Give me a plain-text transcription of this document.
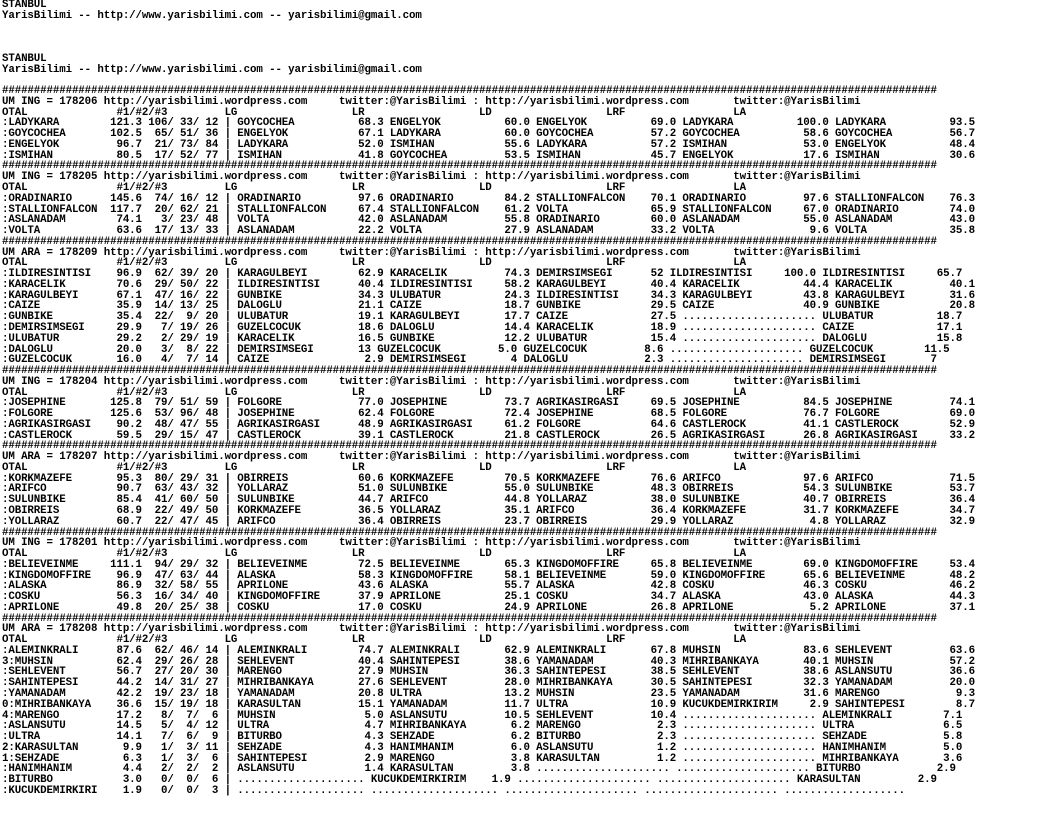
STANBUL
YarisBilimi -- http://www.yarisbilimi.com -- yarisbilimi@gmail.com

STANBUL
YarisBilimi -- http://www.yarisbilimi.com -- yarisbilimi@gmail.com

###################################################################################################################################################
UM ING = 178206 http://yarisbilimi.wordpress.com     twitter:@YarisBilimi : http://yarisbilimi.wordpress.com       twitter:@YarisBilimi
OTAL              #1/#2/#3         LG                  LR                  LD                  LRF                 LA
:LADYKARA        121.3 106/ 33/ 12 | GOYCOCHEA          68.3 ENGELYOK          60.0 ENGELYOK          69.0 LADYKARA          100.0 LADYKARA          93.5
:GOYCOCHEA       102.5  65/ 51/ 36 | ENGELYOK           67.1 LADYKARA          60.0 GOYCOCHEA         57.2 GOYCOCHEA          58.6 GOYCOCHEA         56.7
:ENGELYOK         96.7  21/ 73/ 84 | LADYKARA           52.0 ISMIHAN           55.6 LADYKARA          57.2 ISMIHAN            53.0 ENGELYOK          48.4
:ISMIHAN          80.5  17/ 52/ 77 | ISMIHAN            41.8 GOYCOCHEA         53.5 ISMIHAN           45.7 ENGELYOK           17.6 ISMIHAN           30.6
###################################################################################################################################################
UM ING = 178205 http://yarisbilimi.wordpress.com     twitter:@YarisBilimi : http://yarisbilimi.wordpress.com       twitter:@YarisBilimi
OTAL              #1/#2/#3         LG                  LR                  LD                  LRF                 LA
:ORADINARIO      145.6  74/ 16/ 12 | ORADINARIO         97.6 ORADINARIO        84.2 STALLIONFALCON    70.1 ORADINARIO         97.6 STALLIONFALCON    76.3
:STALLIONFALCON  117.7  20/ 62/ 21 | STALLIONFALCON     67.4 STALLIONFALCON    61.2 VOLTA             65.9 STALLIONFALCON     67.0 ORADINARIO        74.0
:ASLANADAM        74.1   3/ 23/ 48 | VOLTA              42.0 ASLANADAM         55.8 ORADINARIO        60.0 ASLANADAM          55.0 ASLANADAM         43.0
:VOLTA            63.6  17/ 13/ 33 | ASLANADAM          22.2 VOLTA             27.9 ASLANADAM         33.2 VOLTA               9.6 VOLTA             35.8
###################################################################################################################################################
UM ARA = 178209 http://yarisbilimi.wordpress.com     twitter:@YarisBilimi : http://yarisbilimi.wordpress.com       twitter:@YarisBilimi
OTAL              #1/#2/#3         LG                  LR                  LD                  LRF                 LA
:ILDIRESINTISI    96.9  62/ 39/ 20 | KARAGULBEYI        62.9 KARACELIK         74.3 DEMIRSIMSEGI      52 ILDIRESINTISI     100.0 ILDIRESINTISI     65.7
:KARACELIK        70.6  29/ 50/ 22 | ILDIRESINTISI      40.4 ILDIRESINTISI     58.2 KARAGULBEYI       40.4 KARACELIK          44.4 KARACELIK         40.1
:KARAGULBEYI      67.1  47/ 16/ 22 | GUNBIKE            34.3 ULUBATUR          24.3 ILDIRESINTISI     34.3 KARAGULBEYI        43.8 KARAGULBEYI       31.6
:CAIZE            35.9  14/ 13/ 25 | DALOGLU            21.1 CAIZE             18.7 GUNBIKE           29.5 CAIZE              40.9 GUNBIKE           20.8
:GUNBIKE          35.4  22/  9/ 20 | ULUBATUR           19.1 KARAGULBEYI       17.7 CAIZE             27.5 ..................... ULUBATUR          18.7
:DEMIRSIMSEGI     29.9   7/ 19/ 26 | GUZELCOCUK         18.6 DALOGLU           14.4 KARACELIK         18.9 ..................... CAIZE             17.1
:ULUBATUR         29.2   2/ 29/ 19 | KARACELIK          16.5 GUNBIKE           12.2 ULUBATUR          15.4 ..................... DALOGLU           15.8
:DALOGLU          20.0   3/  8/ 22 | DEMIRSIMSEGI       13 GUZELCOCUK         5.0 GUZELCOCUK         8.6 ..................... GUZELCOCUK        11.5
:GUZELCOCUK       16.0   4/  7/ 14 | CAIZE               2.9 DEMIRSIMSEGI       4 DALOGLU            2.3 ..................... DEMIRSIMSEGI       7
###################################################################################################################################################
UM ING = 178204 http://yarisbilimi.wordpress.com     twitter:@YarisBilimi : http://yarisbilimi.wordpress.com       twitter:@YarisBilimi
OTAL              #1/#2/#3         LG                  LR                  LD                  LRF                 LA
:JOSEPHINE       125.8  79/ 51/ 59 | FOLGORE            77.0 JOSEPHINE         73.7 AGRIKASIRGASI     69.5 JOSEPHINE          84.5 JOSEPHINE         74.1
:FOLGORE         125.6  53/ 96/ 48 | JOSEPHINE          62.4 FOLGORE           72.4 JOSEPHINE         68.5 FOLGORE            76.7 FOLGORE           69.0
:AGRIKASIRGASI    90.2  48/ 47/ 55 | AGRIKASIRGASI      48.9 AGRIKASIRGASI     61.2 FOLGORE           64.6 CASTLEROCK         41.1 CASTLEROCK        52.9
:CASTLEROCK       59.5  29/ 15/ 47 | CASTLEROCK         39.1 CASTLEROCK        21.8 CASTLEROCK        26.5 AGRIKASIRGASI      26.8 AGRIKASIRGASI     33.2
###################################################################################################################################################
UM ARA = 178207 http://yarisbilimi.wordpress.com     twitter:@YarisBilimi : http://yarisbilimi.wordpress.com       twitter:@YarisBilimi
OTAL              #1/#2/#3         LG                  LR                  LD                  LRF                 LA
:KORKMAZEFE       95.3  80/ 29/ 31 | OBIRREIS           60.6 KORKMAZEFE        70.5 KORKMAZEFE        76.6 ARIFCO             97.6 ARIFCO            71.5
:ARIFCO           90.7  63/ 43/ 32 | YOLLARAZ           51.0 SULUNBIKE         55.0 SULUNBIKE         48.3 OBIRREIS           54.3 SULUNBIKE         53.7
:SULUNBIKE        85.4  41/ 60/ 50 | SULUNBIKE          44.7 ARIFCO            44.8 YOLLARAZ          38.0 SULUNBIKE          40.7 OBIRREIS          36.4
:OBIRREIS         68.9  22/ 49/ 50 | KORKMAZEFE         36.5 YOLLARAZ          35.1 ARIFCO            36.4 KORKMAZEFE         31.7 KORKMAZEFE        34.7
:YOLLARAZ         60.7  22/ 47/ 45 | ARIFCO             36.4 OBIRREIS          23.7 OBIRREIS          29.9 YOLLARAZ            4.8 YOLLARAZ          32.9
###################################################################################################################################################
UM ING = 178201 http://yarisbilimi.wordpress.com     twitter:@YarisBilimi : http://yarisbilimi.wordpress.com       twitter:@YarisBilimi
OTAL              #1/#2/#3         LG                  LR                  LD                  LRF                 LA
:BELIEVEINME     111.1  94/ 29/ 32 | BELIEVEINME        72.5 BELIEVEINME       65.3 KINGDOMOFFIRE     65.8 BELIEVEINME        69.0 KINGDOMOFFIRE     53.4
:KINGDOMOFFIRE    96.9  47/ 63/ 44 | ALASKA             58.3 KINGDOMOFFIRE     58.1 BELIEVEINME       59.0 KINGDOMOFFIRE      65.6 BELIEVEINME       48.2
:ALASKA           86.9  32/ 58/ 55 | APRILONE           43.6 ALASKA            55.7 ALASKA            42.8 COSKU              46.3 COSKU             46.2
:COSKU            56.3  16/ 34/ 40 | KINGDOMOFFIRE      37.9 APRILONE          25.1 COSKU             34.7 ALASKA             43.0 ALASKA            44.3
:APRILONE         49.8  20/ 25/ 38 | COSKU              17.0 COSKU             24.9 APRILONE          26.8 APRILONE            5.2 APRILONE          37.1
###################################################################################################################################################
UM ARA = 178208 http://yarisbilimi.wordpress.com     twitter:@YarisBilimi : http://yarisbilimi.wordpress.com       twitter:@YarisBilimi
OTAL              #1/#2/#3         LG                  LR                  LD                  LRF                 LA
:ALEMINKRALI      87.6  62/ 46/ 14 | ALEMINKRALI        74.7 ALEMINKRALI       62.9 ALEMINKRALI       67.8 MUHSIN             83.6 SEHLEVENT         63.6
3:MUHSIN          62.4  29/ 26/ 28 | SEHLEVENT          40.4 SAHINTEPESI       38.6 YAMANADAM         40.3 MIHRIBANKAYA       40.1 MUHSIN            57.2
:SEHLEVENT        56.7  27/ 20/ 30 | MARENGO            27.9 MUHSIN            36.3 SAHINTEPESI       38.5 SEHLEVENT          38.6 ASLANSUTU         36.6
:SAHINTEPESI      44.2  14/ 31/ 27 | MIHRIBANKAYA       27.6 SEHLEVENT         28.0 MIHRIBANKAYA      30.5 SAHINTEPESI        32.3 YAMANADAM         20.0
:YAMANADAM        42.2  19/ 23/ 18 | YAMANADAM          20.8 ULTRA             13.2 MUHSIN            23.5 YAMANADAM          31.6 MARENGO            9.3
0:MIHRIBANKAYA    36.6  15/ 19/ 18 | KARASULTAN         15.1 YAMANADAM         11.7 ULTRA             10.9 KUCUKDEMIRKIRIM     2.9 SAHINTEPESI        8.7
4:MARENGO         17.2   8/  7/  6 | MUHSIN              5.0 ASLANSUTU         10.5 SEHLEVENT         10.4 ..................... ALEMINKRALI        7.1
:ASLANSUTU        14.5   5/  4/ 12 | ULTRA               4.7 MIHRIBANKAYA       6.2 MARENGO            2.3 ..................... ULTRA              6.5
:ULTRA            14.1   7/  6/  9 | BITURBO             4.3 SEHZADE            6.2 BITURBO            2.3 ..................... SEHZADE            5.8
2:KARASULTAN       9.9   1/  3/ 11 | SEHZADE             4.3 HANIMHANIM         6.0 ASLANSUTU          1.2 ..................... HANIMHANIM         5.0
1:SEHZADE          6.3   1/  3/  6 | SAHINTEPESI         2.9 MARENGO            3.8 KARASULTAN         1.2 ..................... MIHRIBANKAYA       3.6
:HANIMHANIM        4.4   2/  2/  2 | ASLANSUTU           1.4 KARASULTAN         3.8 ..................... ..................... BITURBO            2.9
:BITURBO           3.0   0/  0/  6 | .................... KUCUKDEMIRKIRIM    1.9 ..................... ..................... KARASULTAN         2.9
:KUCUKDEMIRKIRI    1.9   0/  0/  3 | .................... .................... ..................... ..................... ...................
